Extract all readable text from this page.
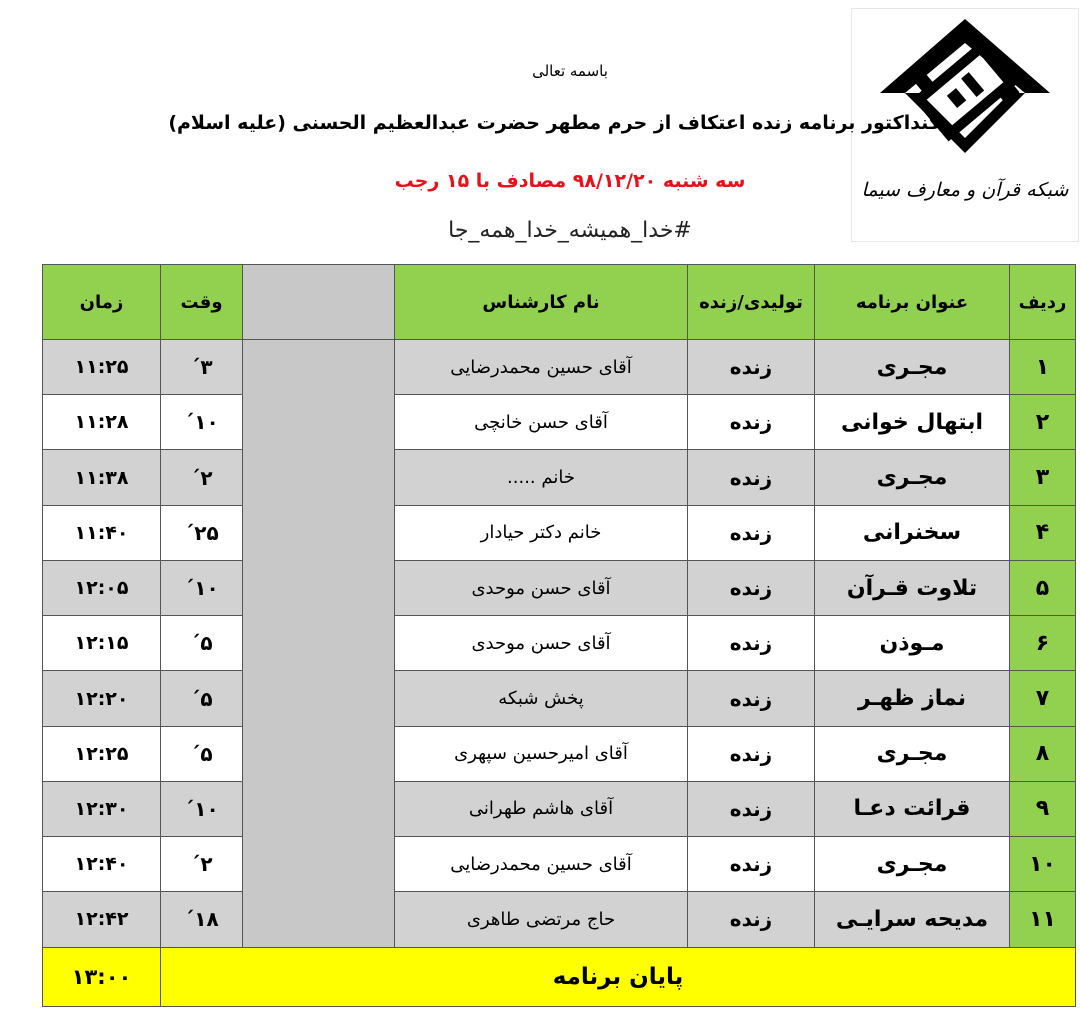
قرآن
شبکه قرآن و معارف سیما
باسمه تعالی
کنداکتور برنامه زنده اعتکاف از حرم مطهر حضرت عبدالعظیم الحسنی (علیه اسلام)
سه شنبه ۹۸/۱۲/۲۰ مصادف با ۱۵ رجب
#خدا_همیشه_خدا_همه_جا
ردیف	عنوان برنامه	تولیدی/زنده	نام کارشناس		وقت	زمان
۱	مجـری	زنده	آقای حسین محمدرضایی		۳´	۱۱:۲۵
۲	ابتهال خوانی	زنده	آقای حسن خانچی		۱۰´	۱۱:۲۸
۳	مجـری	زنده	خانم .....		۲´	۱۱:۳۸
۴	سخنرانی	زنده	خانم دکتر حیادار		۲۵´	۱۱:۴۰
۵	تلاوت قـرآن	زنده	آقای حسن موحدی		۱۰´	۱۲:۰۵
۶	مـوذن	زنده	آقای حسن موحدی		۵´	۱۲:۱۵
۷	نماز ظهـر	زنده	پخش شبکه		۵´	۱۲:۲۰
۸	مجـری	زنده	آقای امیرحسین سپهری		۵´	۱۲:۲۵
۹	قرائت دعـا	زنده	آقای هاشم طهرانی		۱۰´	۱۲:۳۰
۱۰	مجـری	زنده	آقای حسین محمدرضایی		۲´	۱۲:۴۰
۱۱	مدیحه سرایـی	زنده	حاج مرتضی طاهری		۱۸´	۱۲:۴۲
پایان برنامه						۱۳:۰۰
